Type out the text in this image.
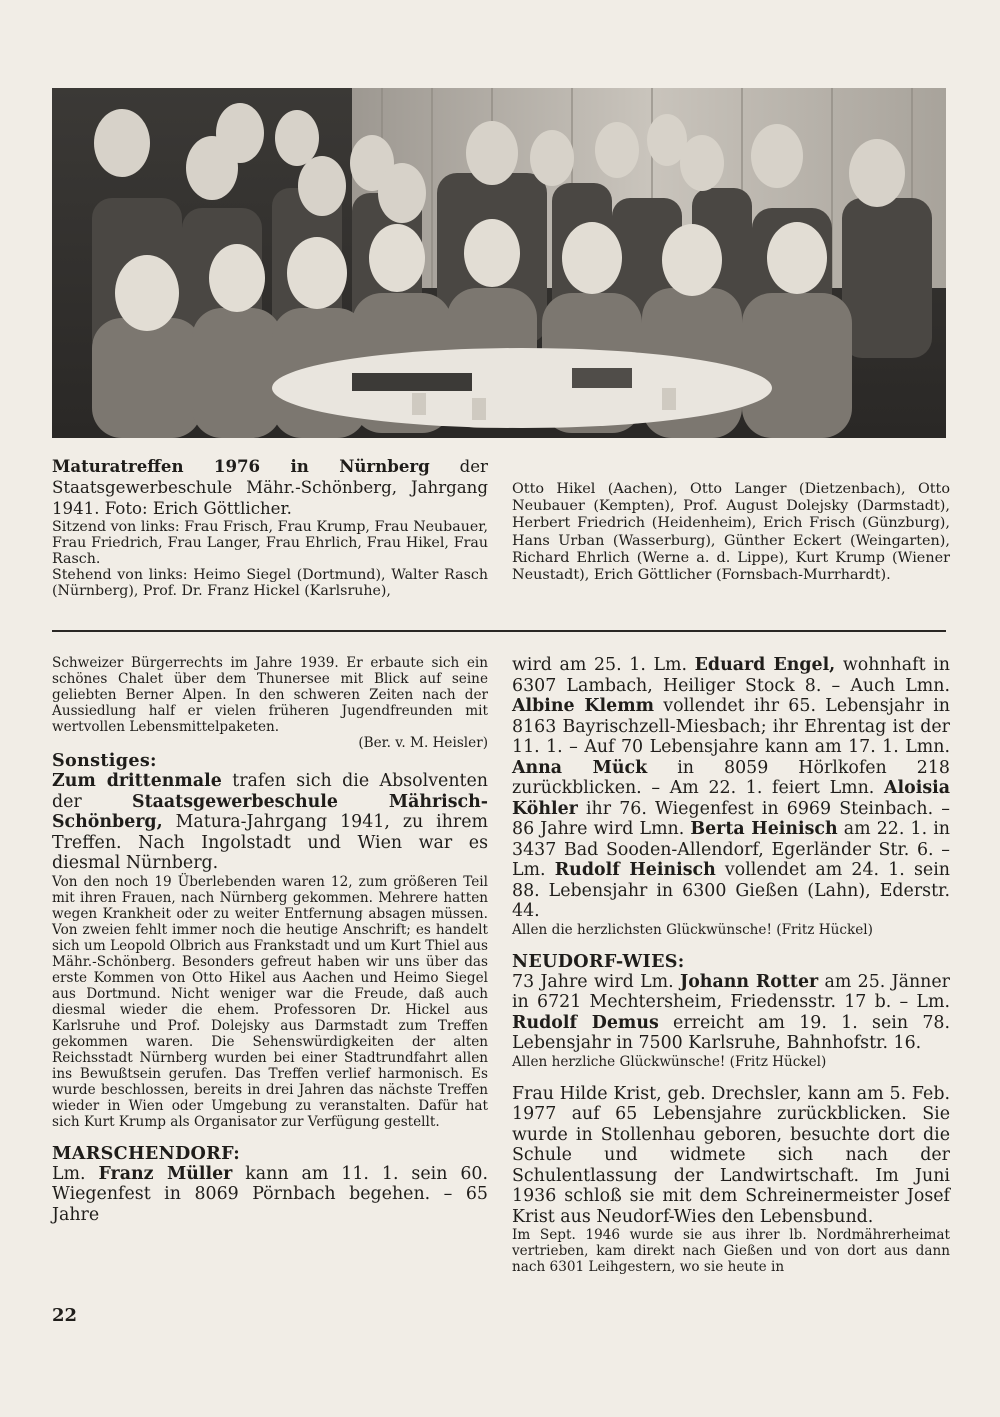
Maturatreffen 1976 in Nürnberg der Staatsgewerbeschule Mähr.-Schönberg, Jahrgang 1941. Foto: Erich Göttlicher.

Sitzend von links: Frau Frisch, Frau Krump, Frau Neubauer, Frau Friedrich, Frau Langer, Frau Ehrlich, Frau Hikel, Frau Rasch.

Stehend von links: Heimo Siegel (Dortmund), Walter Rasch (Nürnberg), Prof. Dr. Franz Hickel (Karlsruhe),

Otto Hikel (Aachen), Otto Langer (Dietzenbach), Otto Neubauer (Kempten), Prof. August Dolejsky (Darmstadt), Herbert Friedrich (Heidenheim), Erich Frisch (Günzburg), Hans Urban (Wasserburg), Günther Eckert (Weingarten), Richard Ehrlich (Werne a. d. Lippe), Kurt Krump (Wiener Neustadt), Erich Göttlicher (Fornsbach-Murrhardt).

Schweizer Bürgerrechts im Jahre 1939. Er erbaute sich ein schönes Chalet über dem Thunersee mit Blick auf seine geliebten Berner Alpen. In den schweren Zeiten nach der Aussiedlung half er vielen früheren Jugendfreunden mit wertvollen Lebensmittelpaketen.

(Ber. v. M. Heisler)

Sonstiges:

Zum drittenmale trafen sich die Absolventen der Staatsgewerbeschule Mährisch-Schönberg, Matura-Jahrgang 1941, zu ihrem Treffen. Nach Ingolstadt und Wien war es diesmal Nürnberg.

Von den noch 19 Überlebenden waren 12, zum größeren Teil mit ihren Frauen, nach Nürnberg gekommen. Mehrere hatten wegen Krankheit oder zu weiter Entfernung absagen müssen. Von zweien fehlt immer noch die heutige Anschrift; es handelt sich um Leopold Olbrich aus Frankstadt und um Kurt Thiel aus Mähr.-Schönberg. Besonders gefreut haben wir uns über das erste Kommen von Otto Hikel aus Aachen und Heimo Siegel aus Dortmund. Nicht weniger war die Freude, daß auch diesmal wieder die ehem. Professoren Dr. Hickel aus Karlsruhe und Prof. Dolejsky aus Darmstadt zum Treffen gekommen waren. Die Sehenswürdigkeiten der alten Reichsstadt Nürnberg wurden bei einer Stadtrundfahrt allen ins Bewußtsein gerufen. Das Treffen verlief harmonisch. Es wurde beschlossen, bereits in drei Jahren das nächste Treffen wieder in Wien oder Umgebung zu veranstalten. Dafür hat sich Kurt Krump als Organisator zur Verfügung gestellt.

MARSCHENDORF:

Lm. Franz Müller kann am 11. 1. sein 60. Wiegenfest in 8069 Pörnbach begehen. – 65 Jahre

wird am 25. 1. Lm. Eduard Engel, wohnhaft in 6307 Lambach, Heiliger Stock 8. – Auch Lmn. Albine Klemm vollendet ihr 65. Lebensjahr in 8163 Bayrischzell-Miesbach; ihr Ehrentag ist der 11. 1. – Auf 70 Lebensjahre kann am 17. 1. Lmn. Anna Mück in 8059 Hörlkofen 218 zurückblicken. – Am 22. 1. feiert Lmn. Aloisia Köhler ihr 76. Wiegenfest in 6969 Steinbach. – 86 Jahre wird Lmn. Berta Heinisch am 22. 1. in 3437 Bad Sooden-Allendorf, Egerländer Str. 6. – Lm. Rudolf Heinisch vollendet am 24. 1. sein 88. Lebensjahr in 6300 Gießen (Lahn), Ederstr. 44.

Allen die herzlichsten Glückwünsche! (Fritz Hückel)

NEUDORF-WIES:

73 Jahre wird Lm. Johann Rotter am 25. Jänner in 6721 Mechtersheim, Friedensstr. 17 b. – Lm. Rudolf Demus erreicht am 19. 1. sein 78. Lebensjahr in 7500 Karlsruhe, Bahnhofstr. 16.

Allen herzliche Glückwünsche! (Fritz Hückel)

Frau Hilde Krist, geb. Drechsler, kann am 5. Feb. 1977 auf 65 Lebensjahre zurückblicken. Sie wurde in Stollenhau geboren, besuchte dort die Schule und widmete sich nach der Schulentlassung der Landwirtschaft. Im Juni 1936 schloß sie mit dem Schreinermeister Josef Krist aus Neudorf-Wies den Lebensbund.

Im Sept. 1946 wurde sie aus ihrer lb. Nordmährerheimat vertrieben, kam direkt nach Gießen und von dort aus dann nach 6301 Leihgestern, wo sie heute in

22
